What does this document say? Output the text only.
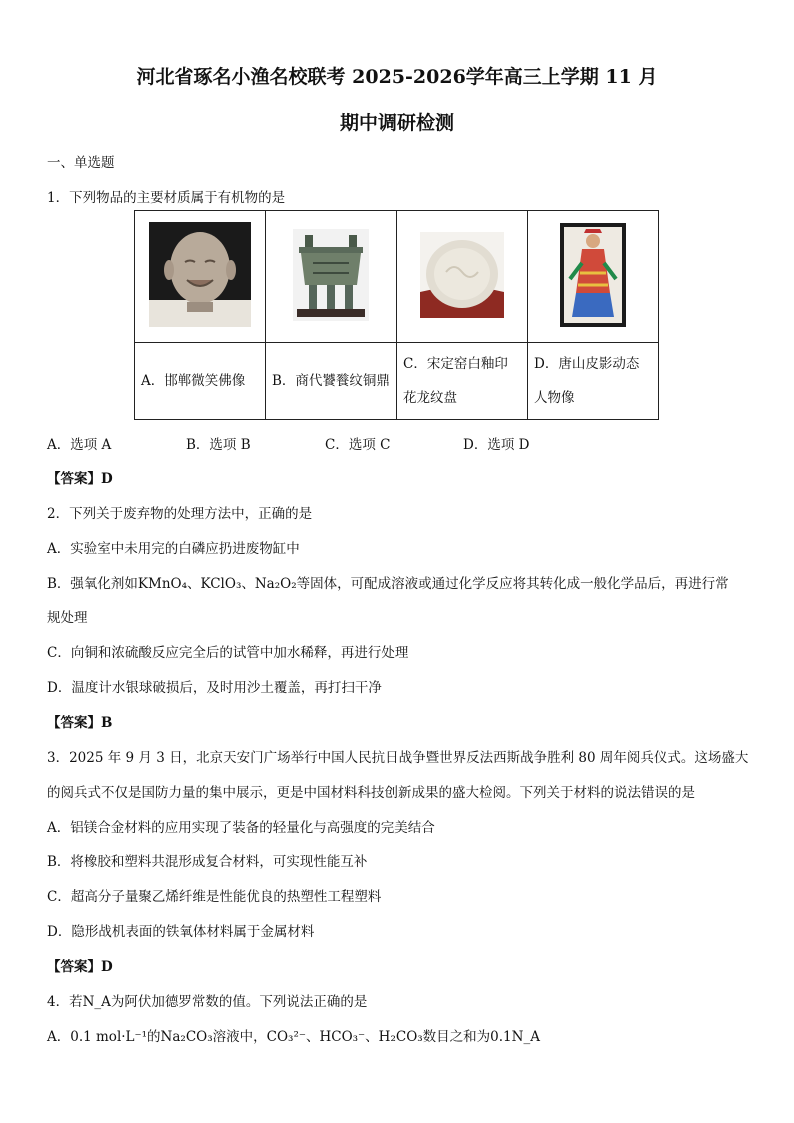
河北省琢名小渔名校联考 2025-2026学年高三上学期 11 月
期中调研检测
一、单选题
1．下列物品的主要材质属于有机物的是

A．邯郸微笑佛像	B．商代饕餮纹铜鼎	C．宋定窑白釉印花龙纹盘	D．唐山皮影动态人物像
A．选项 A	B．选项 B	C．选项 C	D．选项 D
【答案】D
2．下列关于废弃物的处理方法中，正确的是
A．实验室中未用完的白磷应扔进废物缸中
B．强氧化剂如KMnO₄、KClO₃、Na₂O₂等固体，可配成溶液或通过化学反应将其转化成一般化学品后，再进行常
规处理
C．向铜和浓硫酸反应完全后的试管中加水稀释，再进行处理
D．温度计水银球破损后，及时用沙土覆盖，再打扫干净
【答案】B
3．2025 年 9 月 3 日，北京天安门广场举行中国人民抗日战争暨世界反法西斯战争胜利 80 周年阅兵仪式。这场盛大
的阅兵式不仅是国防力量的集中展示，更是中国材料科技创新成果的盛大检阅。下列关于材料的说法错误的是
A．铝镁合金材料的应用实现了装备的轻量化与高强度的完美结合
B．将橡胶和塑料共混形成复合材料，可实现性能互补
C．超高分子量聚乙烯纤维是性能优良的热塑性工程塑料
D．隐形战机表面的铁氧体材料属于金属材料
【答案】D
4．若N_A为阿伏加德罗常数的值。下列说法正确的是
A．0.1 mol·L⁻¹的Na₂CO₃溶液中，CO₃²⁻、HCO₃⁻、H₂CO₃数目之和为0.1N_A
